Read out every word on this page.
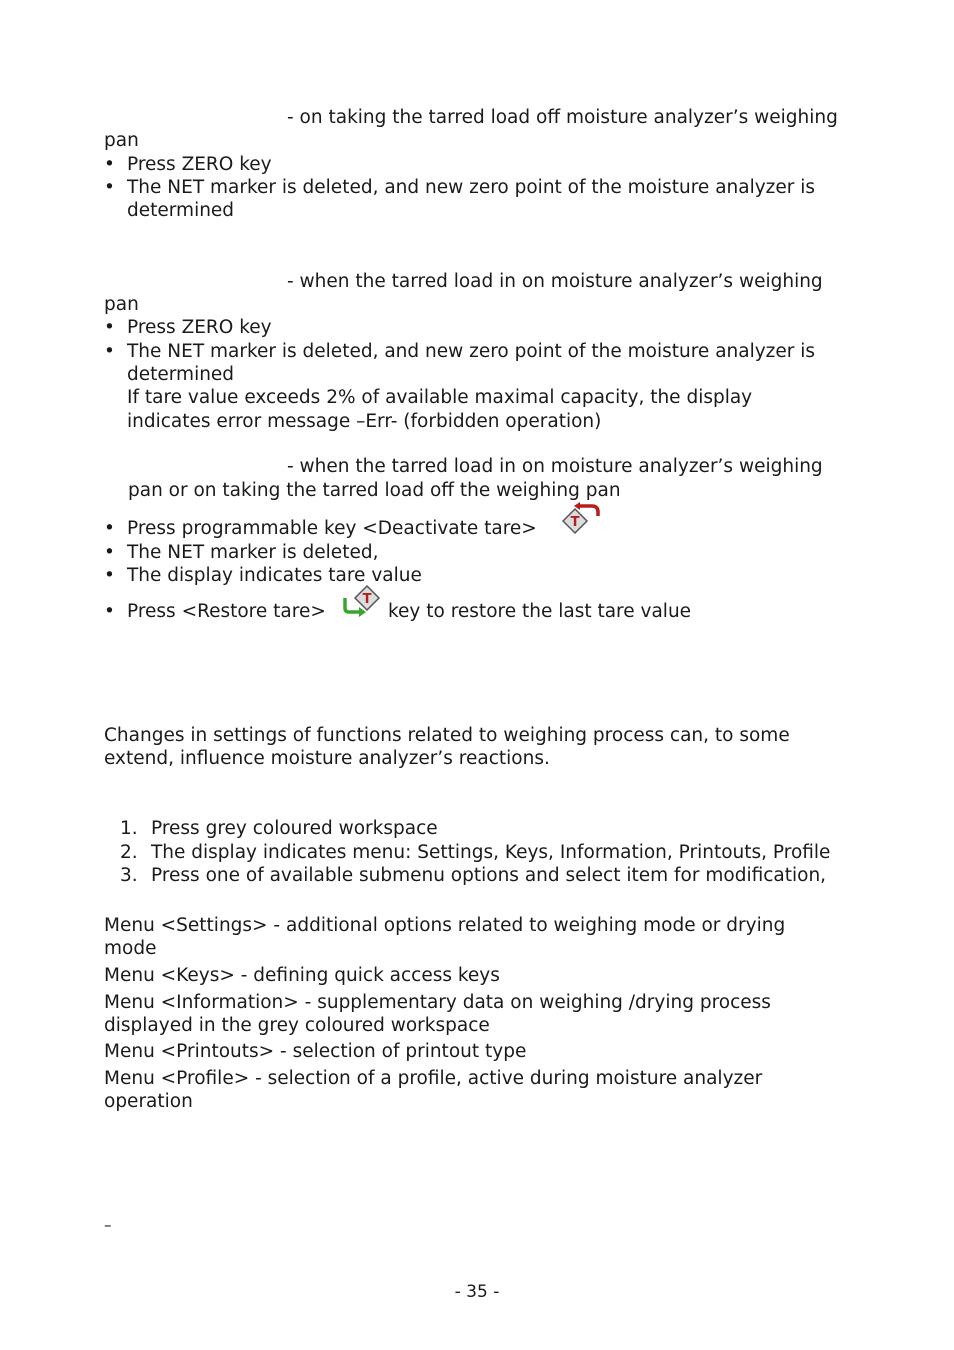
- on taking the tarred load off moisture analyzer’s weighing
pan
Press ZERO key
The NET marker is deleted, and new zero point of the moisture analyzer is
determined
- when the tarred load in on moisture analyzer’s weighing
pan
Press ZERO key
The NET marker is deleted, and new zero point of the moisture analyzer is
determined
If tare value exceeds 2% of available maximal capacity, the display
indicates error message –Err- (forbidden operation)
- when the tarred load in on moisture analyzer’s weighing
pan or on taking the tarred load off the weighing pan
Press programmable key <Deactivate tare>	T
The NET marker is deleted,
The display indicates tare value
Press <Restore tare>
T
key to restore the last tare value
Changes in settings of functions related to weighing process can, to some
extend, influence moisture analyzer’s reactions.
1. Press grey coloured workspace
2. The display indicates menu: Settings, Keys, Information, Printouts, Profile
3. Press one of available submenu options and select item for modification,
Menu <Settings> - additional options related to weighing mode or drying
mode
Menu <Keys> - defining quick access keys
Menu <Information> - supplementary data on weighing /drying process
displayed in the grey coloured workspace
Menu <Printouts> - selection of printout type
Menu <Profile> - selection of a profile, active during moisture analyzer
operation
–
- 35 -
